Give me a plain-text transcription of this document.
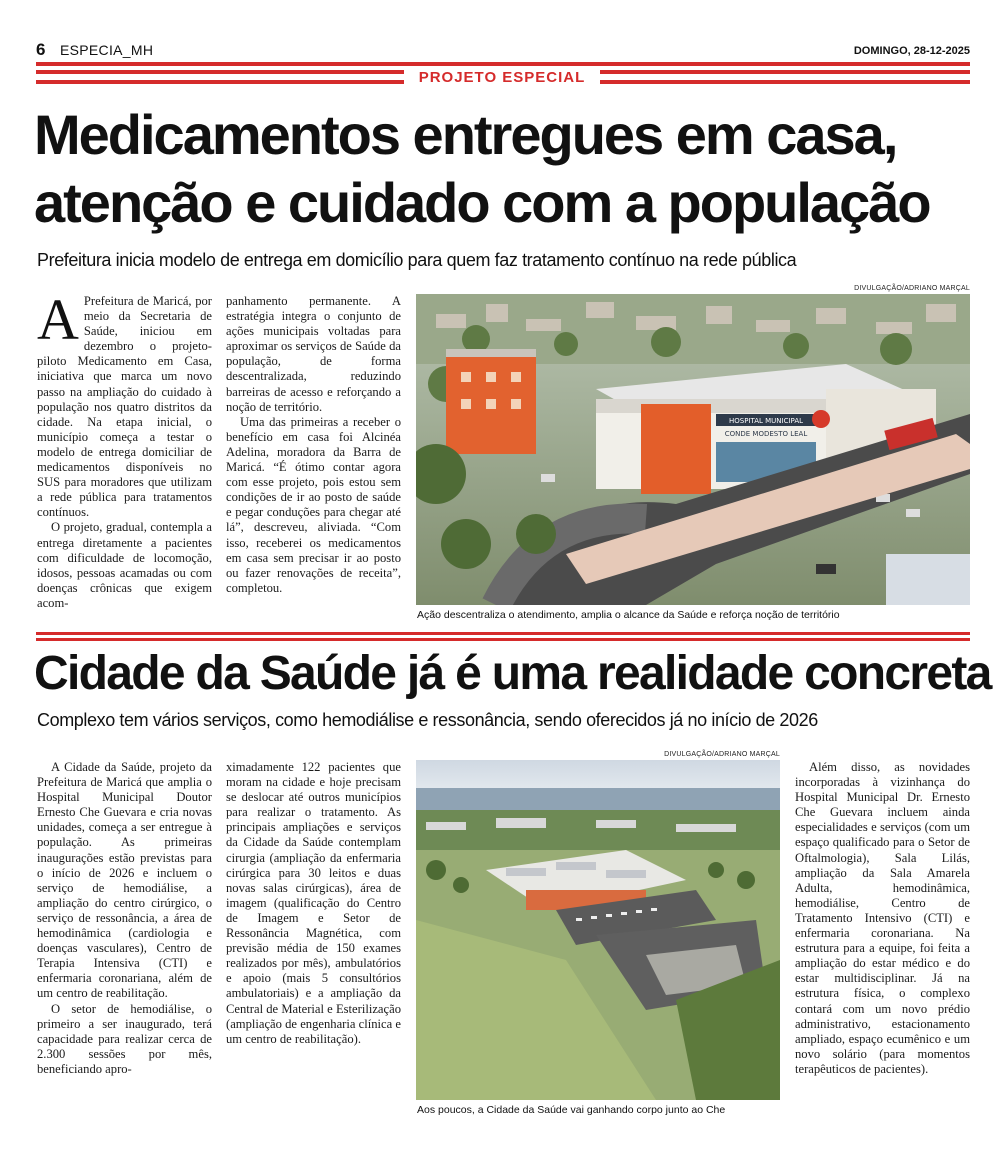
6 ESPECIA_MH	DOMINGO, 28-12-2025
PROJETO ESPECIAL
Medicamentos entregues em casa,
atenção e cuidado com a população
Prefeitura inicia modelo de entrega em domicílio para quem faz tratamento contínuo na rede pública
A Prefeitura de Maricá, por meio da Secretaria de Saúde, iniciou em dezembro o projeto-piloto Medicamento em Casa, iniciativa que marca um novo passo na ampliação do cuidado à população nos quatro distritos da cidade. Na etapa inicial, o município começa a testar o modelo de entrega domiciliar de medicamentos disponíveis no SUS para moradores que utilizam a rede pública para tratamentos contínuos.

O projeto, gradual, contempla a entrega diretamente a pacientes com dificuldade de locomoção, idosos, pessoas acamadas ou com doenças crônicas que exigem acom-

panhamento permanente. A estratégia integra o conjunto de ações municipais voltadas para aproximar os serviços de Saúde da população, de forma descentralizada, reduzindo barreiras de acesso e reforçando a noção de território.

Uma das primeiras a receber o benefício em casa foi Alcinéa Adelina, moradora da Barra de Maricá. “É ótimo contar agora com esse projeto, pois estou sem condições de ir ao posto de saúde e pegar conduções para chegar até lá”, descreveu, aliviada. “Com isso, receberei os medicamentos em casa sem precisar ir ao posto ou fazer renovações de receita”, completou.

DIVULGAÇÃO/ADRIANO MARÇAL
HOSPITAL MUNICIPAL
CONDE MODESTO LEAL
Ação descentraliza o atendimento, amplia o alcance da Saúde e reforça noção de território
Cidade da Saúde já é uma realidade concreta
Complexo tem vários serviços, como hemodiálise e ressonância, sendo oferecidos já no início de 2026

A Cidade da Saúde, projeto da Prefeitura de Maricá que amplia o Hospital Municipal Doutor Ernesto Che Guevara e cria novas unidades, começa a ser entregue à população. As primeiras inaugurações estão previstas para o início de 2026 e incluem o serviço de hemodiálise, a ampliação do centro cirúrgico, o serviço de ressonância, a área de hemodinâmica (cardiologia e doenças vasculares), Centro de Terapia Intensiva (CTI) e enfermaria coronariana, além de um centro de reabilitação.

O setor de hemodiálise, o primeiro a ser inaugurado, terá capacidade para realizar cerca de 2.300 sessões por mês, beneficiando apro-

ximadamente 122 pacientes que moram na cidade e hoje precisam se deslocar até outros municípios para realizar o tratamento. As principais ampliações e serviços da Cidade da Saúde contemplam cirurgia (ampliação da enfermaria cirúrgica para 30 leitos e duas novas salas cirúrgicas), área de imagem (qualificação do Centro de Imagem e Setor de Ressonância Magnética, com previsão média de 150 exames realizados por mês), ambulatórios e apoio (mais 5 consultórios ambulatoriais) e a ampliação da Central de Material e Esterilização (ampliação de engenharia clínica e um centro de reabilitação).

DIVULGAÇÃO/ADRIANO MARÇAL
Aos poucos, a Cidade da Saúde vai ganhando corpo junto ao Che

Além disso, as novidades incorporadas à vizinhança do Hospital Municipal Dr. Ernesto Che Guevara incluem ainda especialidades e serviços (com um espaço qualificado para o Setor de Oftalmologia), Sala Lilás, ampliação da Sala Amarela Adulta, hemodinâmica, hemodiálise, Centro de Tratamento Intensivo (CTI) e enfermaria coronariana. Na estrutura para a equipe, foi feita a ampliação do estar médico e do estar multidisciplinar. Já na estrutura física, o complexo contará com um novo prédio administrativo, estacionamento ampliado, espaço ecumênico e um novo solário (para momentos terapêuticos de pacientes).
